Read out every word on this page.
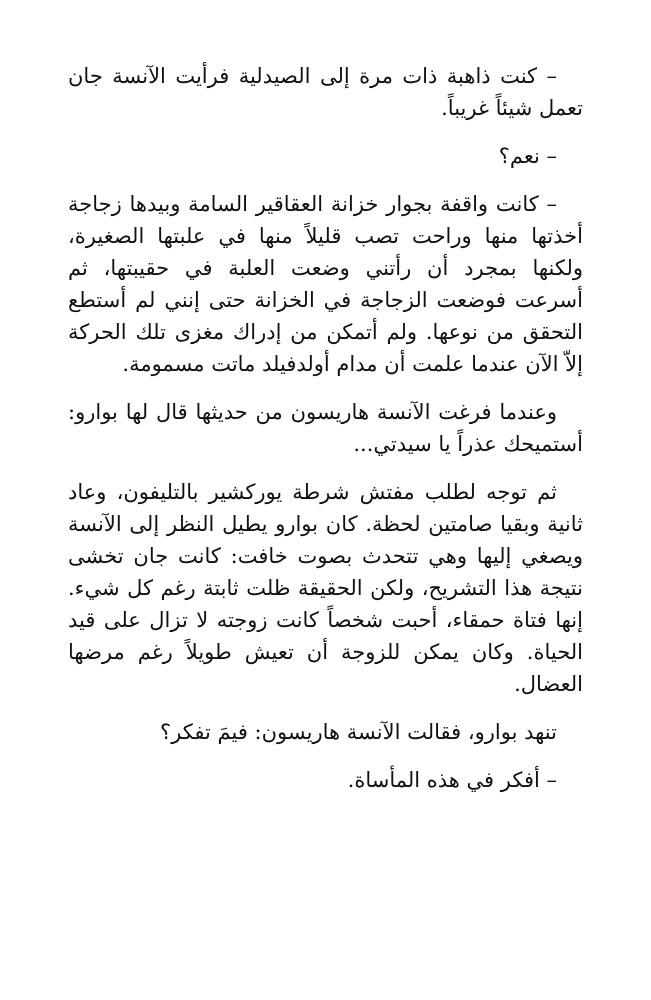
– كنت ذاهبة ذات مرة إلى الصيدلية فرأيت الآنسة جان تعمل شيئاً غريباً.

– نعم؟

– كانت واقفة بجوار خزانة العقاقير السامة وبيدها زجاجة أخذتها منها وراحت تصب قليلاً منها في علبتها الصغيرة، ولكنها بمجرد أن رأتني وضعت العلبة في حقيبتها، ثم أسرعت فوضعت الزجاجة في الخزانة حتى إنني لم أستطع التحقق من نوعها. ولم أتمكن من إدراك مغزى تلك الحركة إلاّ الآن عندما علمت أن مدام أولدفيلد ماتت مسمومة.

وعندما فرغت الآنسة هاريسون من حديثها قال لها بوارو: أستميحك عذراً يا سيدتي...

ثم توجه لطلب مفتش شرطة يوركشير بالتليفون، وعاد ثانية وبقيا صامتين لحظة. كان بوارو يطيل النظر إلى الآنسة ويصغي إليها وهي تتحدث بصوت خافت: كانت جان تخشى نتيجة هذا التشريح، ولكن الحقيقة ظلت ثابتة رغم كل شيء. إنها فتاة حمقاء، أحبت شخصاً كانت زوجته لا تزال على قيد الحياة. وكان يمكن للزوجة أن تعيش طويلاً رغم مرضها العضال.

تنهد بوارو، فقالت الآنسة هاريسون: فيمَ تفكر؟

– أفكر في هذه المأساة.
